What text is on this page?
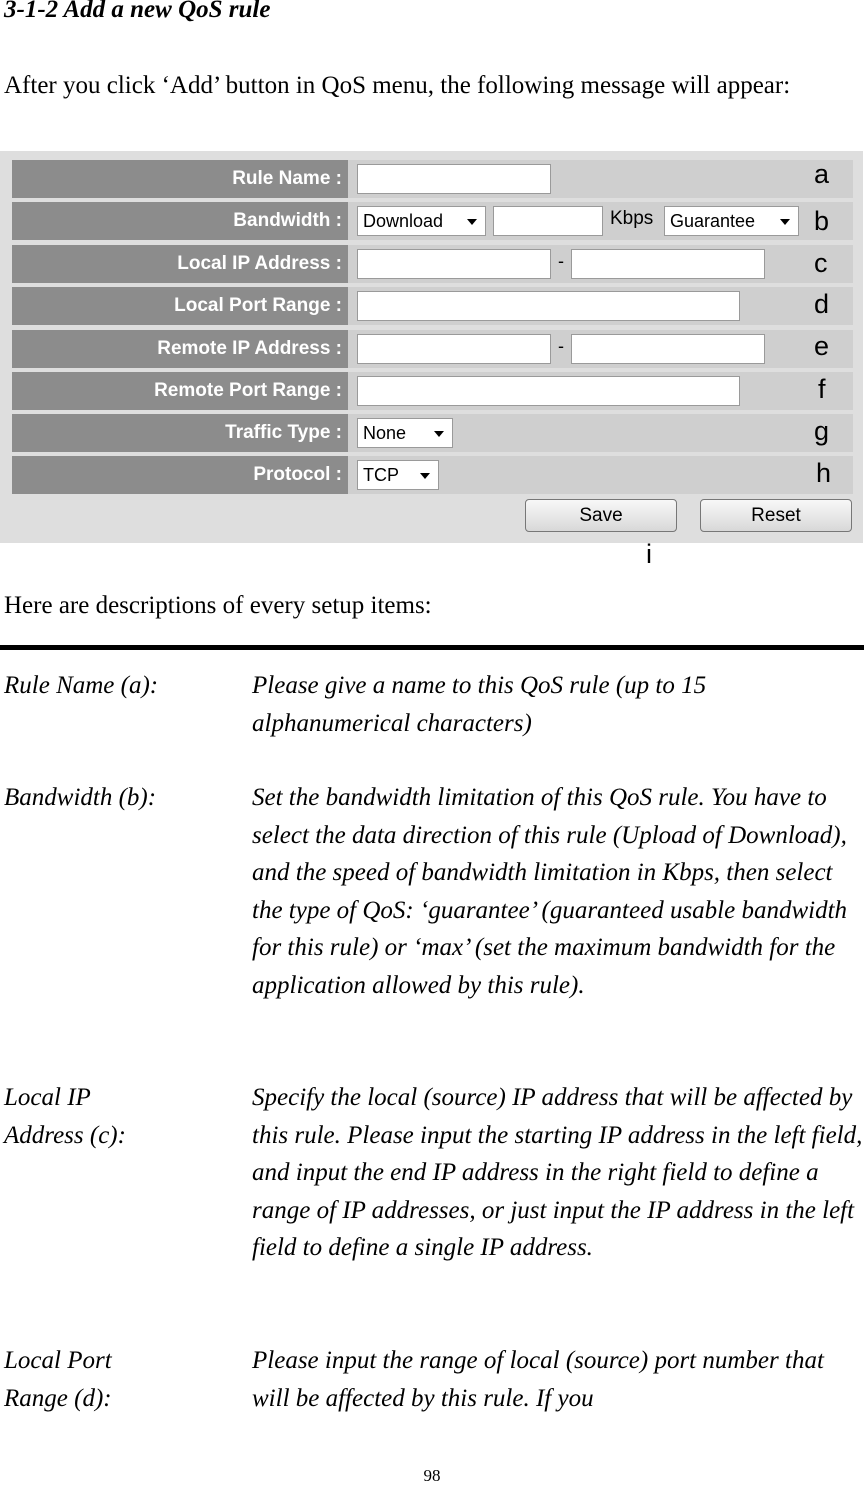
3-1-2 Add a new QoS rule
After you click ‘Add’ button in QoS menu, the following message will appear:
Rule Name :
Bandwidth :	Download	Kbps Guarantee
Local IP Address :	-
Local Port Range :
Remote IP Address :	-
Remote Port Range :
Traffic Type :	None
Protocol :	TCP
a
b
c
d
e
f
g
h
Save	Reset
i
Here are descriptions of every setup items:
Rule Name (a):	Please give a name to this QoS rule (up to 15 alphanumerical characters)
Bandwidth (b):	Set the bandwidth limitation of this QoS rule. You have to select the data direction of this rule (Upload of Download), and the speed of bandwidth limitation in Kbps, then select the type of QoS: ‘guarantee’ (guaranteed usable bandwidth for this rule) or ‘max’ (set the maximum bandwidth for the application allowed by this rule).
Local IP Address (c):
Specify the local (source) IP address that will be affected by this rule. Please input the starting IP address in the left field, and input the end IP address in the right field to define a range of IP addresses, or just input the IP address in the left field to define a single IP address.
Local Port Range (d):
Please input the range of local (source) port number that will be affected by this rule. If you
98
